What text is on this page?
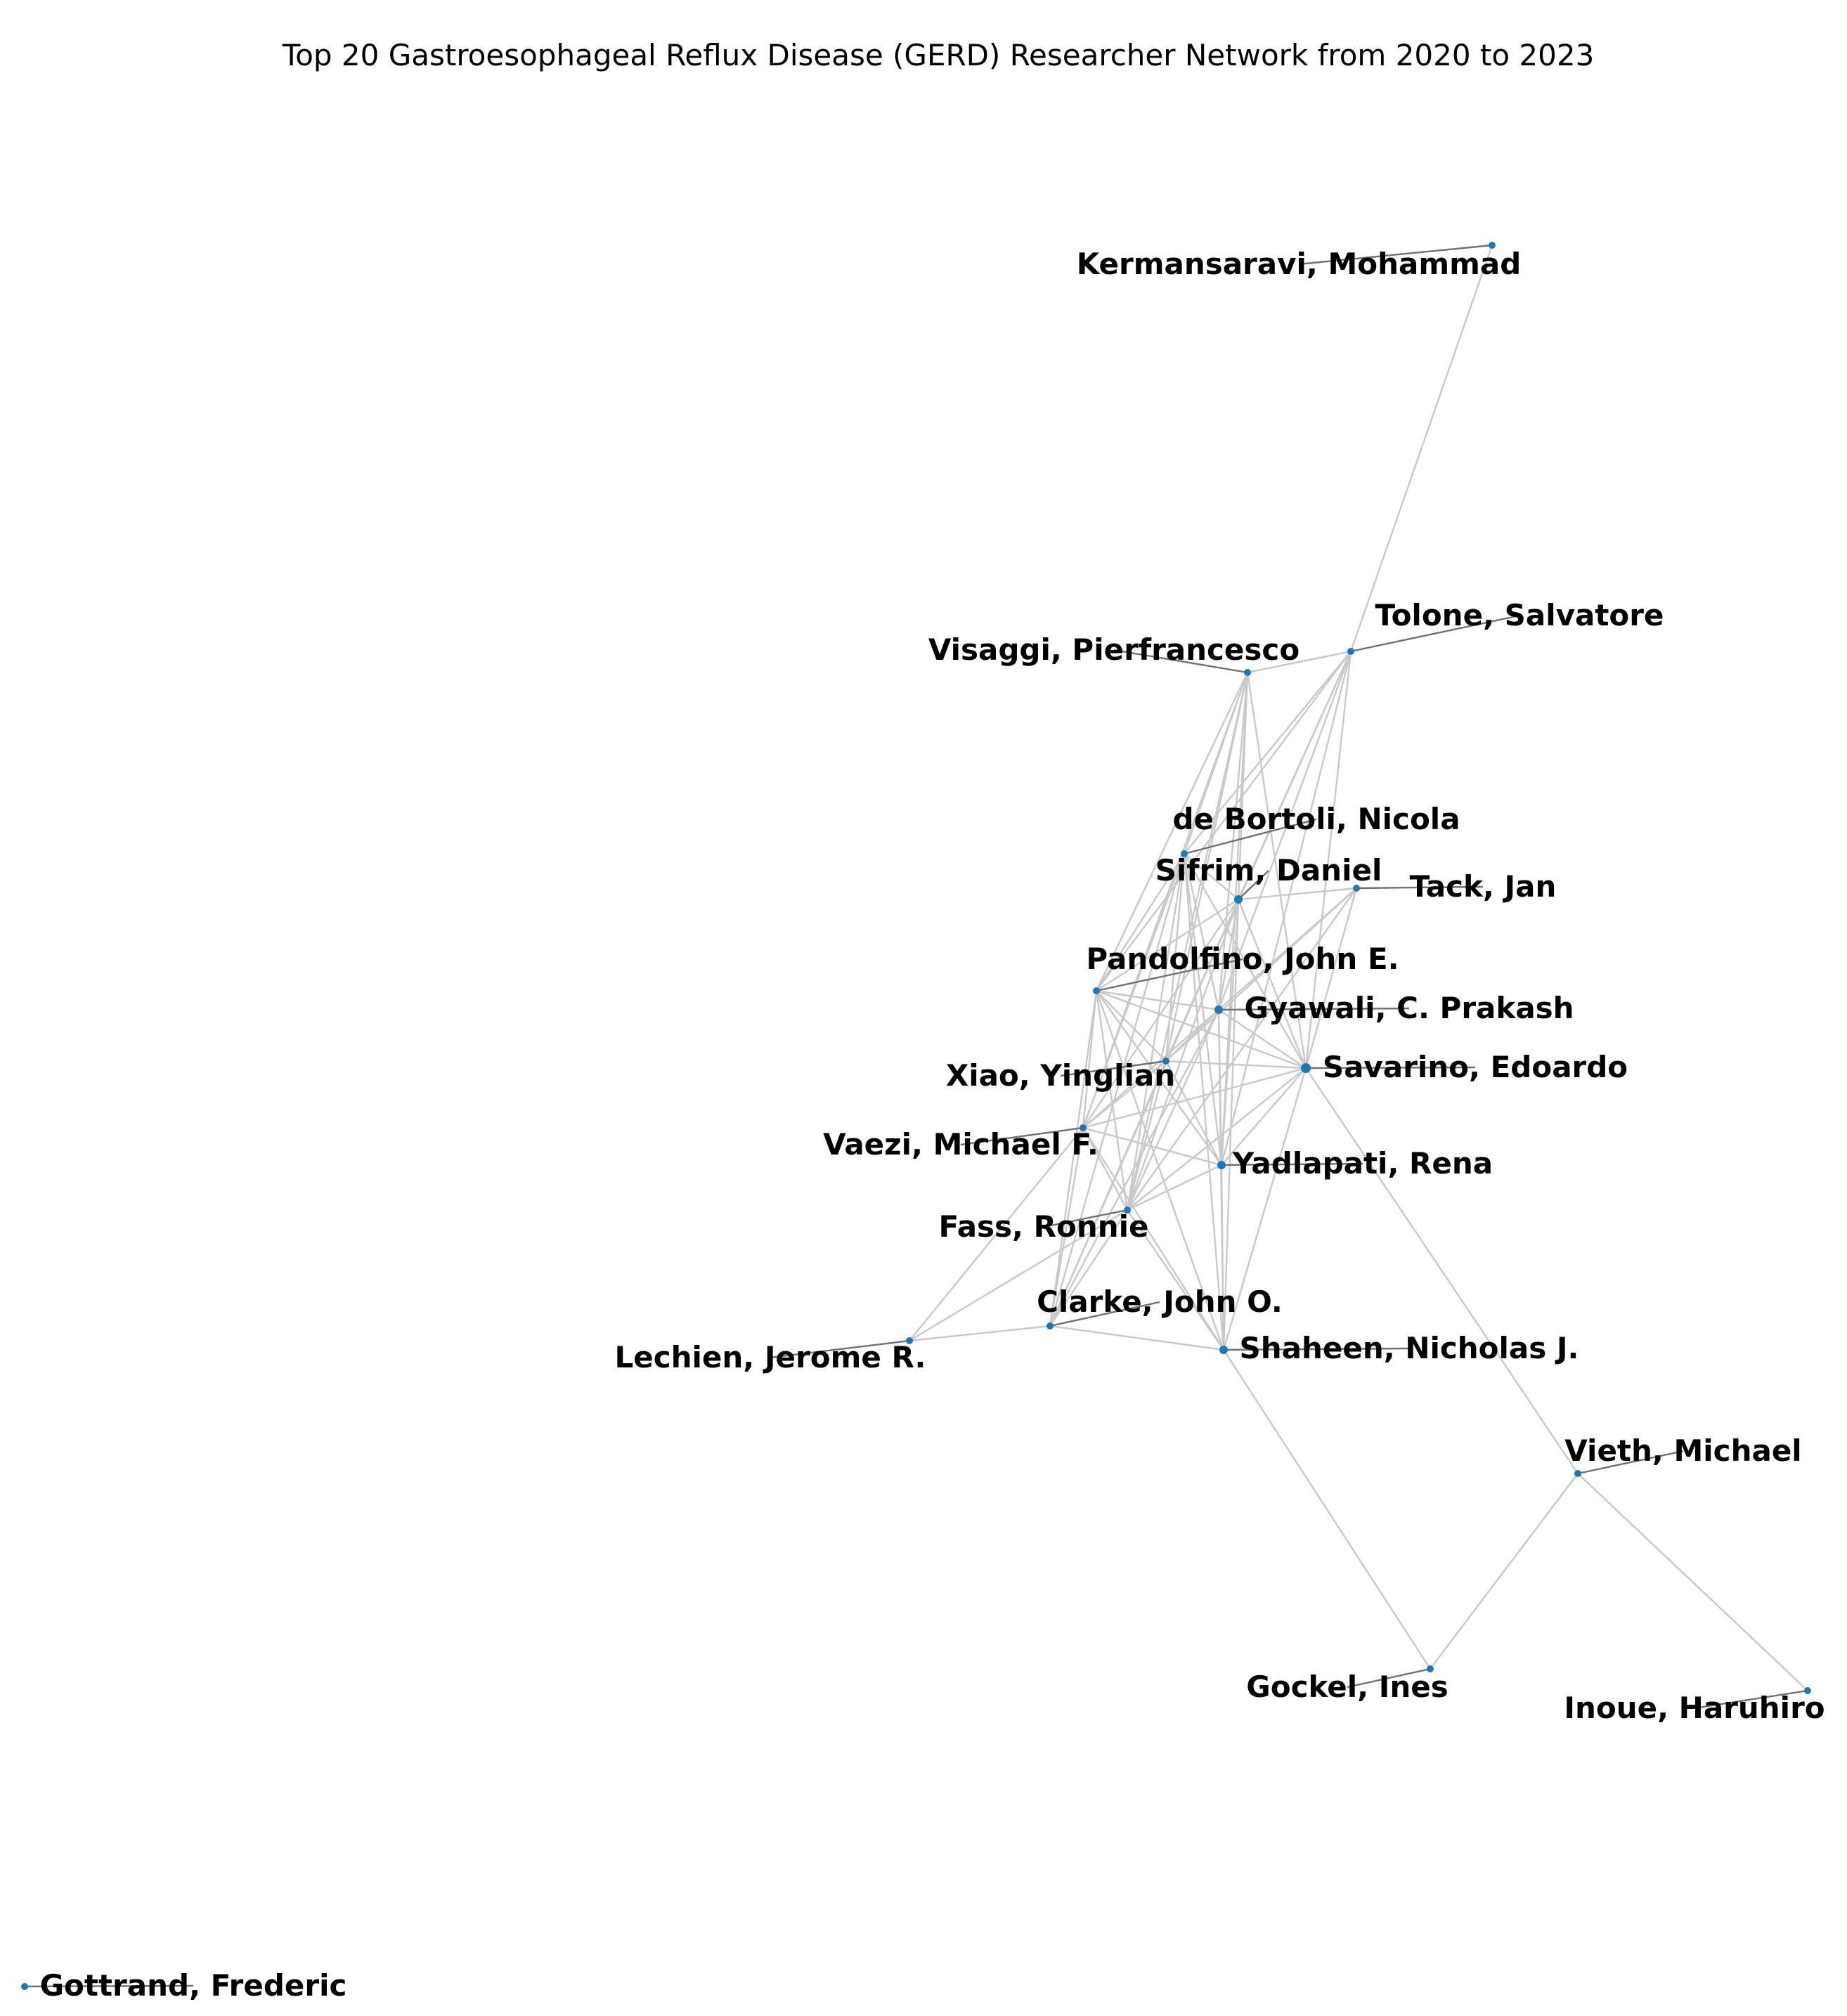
Top 20 Gastroesophageal Reflux Disease (GERD) Researcher Network from 2020 to 2023
Kermansaravi, Mohammad
Tolone, Salvatore
Visaggi, Pierfrancesco
de Bortoli, Nicola
Sifrim, Daniel Tack, Jan
Pandolfino, John E.
Gyawali, C. Prakash
Xiao, Yinglian	Savarino, Edoardo
Vaezi, Michael F.
Yadlapati, Rena
Fass, Ronnie
Clarke, John O.
Lechien, Jerome R.	Shaheen, Nicholas J.
Vieth, Michael
Gockel, Ines
Inoue, Haruhiro
Gottrand, Frederic
